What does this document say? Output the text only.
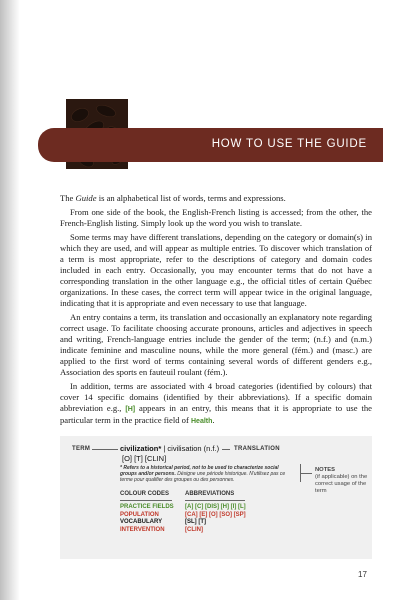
HOW TO USE THE GUIDE

The Guide is an alphabetical list of words, terms and expressions.

From one side of the book, the English-French listing is accessed; from the other, the French-English listing. Simply look up the word you wish to translate.

Some terms may have different translations, depending on the category or domain(s) in which they are used, and will appear as multiple entries. To discover which translation of a term is most appropriate, refer to the descriptions of category and domain codes included in each entry. Occasionally, you may encounter terms that do not have a corresponding translation in the other language e.g., the official titles of certain Québec organizations. In these cases, the correct term will appear twice in the original language, indicating that it is appropriate and even necessary to use that language.

An entry contains a term, its translation and occasionally an explanatory note regarding correct usage. To facilitate choosing accurate pronouns, articles and adjectives in speech and writing, French-language entries include the gender of the term; (n.f.) and (n.m.) indicate feminine and masculine nouns, while the more general (fém.) and (masc.) are applied to the first word of terms containing several words of different genders e.g., Association des sports en fauteuil roulant (fém.).

In addition, terms are associated with 4 broad categories (identified by colours) that cover 14 specific domains (identified by their abbreviations). If a specific domain abbreviation e.g., [H] appears in an entry, this means that it is appropriate to use the particular term in the practice field of Health.

TERM	civilization* | civilisation (n.f.) TRANSLATION
[O] [T] [CLIN]
* Refers to a historical period, not to be used to characterize social groups and/or persons. Désigne une période historique. N'utilisez pas ce terme pour qualifier des groupes ou des personnes.
NOTES
(if applicable) on the correct usage of the term
COLOUR CODES	ABBREVIATIONS
PRACTICE FIELDS
POPULATION
VOCABULARY
INTERVENTION
[A] [C] [DIS] [H] [I] [L]
[CA] [E] [O] [SO] [SP]
[SL] [T]
[CLIN]
17
